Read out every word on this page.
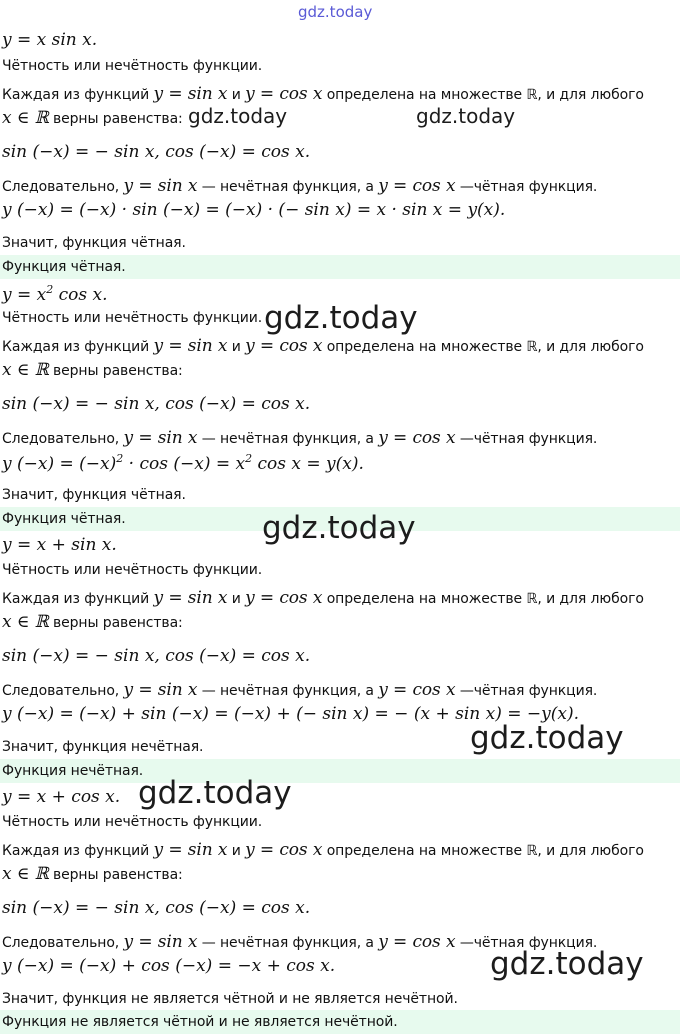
gdz.today
y = x sin x.
Чётность или нечётность функции.
Каждая из функций y = sin x и y = cos x определена на множестве ℝ, и для любого
x ∈ ℝ верны равенства: gdz.today	gdz.today
sin (−x) = − sin x, cos (−x) = cos x.
Следовательно, y = sin x — нечётная функция, а y = cos x —чётная функция.
y (−x) = (−x) · sin (−x) = (−x) · (− sin x) = x · sin x = y(x).
Значит, функция чётная.
Функция чётная.
$y = x^2$ cos x.
Чётность или нечётность функции. gdz.today
Каждая из функций y = sin x и y = cos x определена на множестве ℝ, и для любого
x ∈ ℝ верны равенства:
sin (−x) = − sin x, cos (−x) = cos x.
Следовательно, y = sin x — нечётная функция, а y = cos x —чётная функция.
y $(-x) = (-x)^2 \cdot \cos (-x) = x^2$ cos x = y(x).
Значит, функция чётная.
Функция чётная.	gdz.today
y = x + sin x.
Чётность или нечётность функции.
Каждая из функций y = sin x и y = cos x определена на множестве ℝ, и для любого
x ∈ ℝ верны равенства:
sin (−x) = − sin x, cos (−x) = cos x.
Следовательно, y = sin x — нечётная функция, а y = cos x —чётная функция.
y (−x) = (−x) + sin (−x) = (−x) + (− sin x) = − (x + sin x) = −y(x).
gdz.today
Значит, функция нечётная.
Функция нечётная.
y = x + cos x. gdz.today
Чётность или нечётность функции.
Каждая из функций y = sin x и y = cos x определена на множестве ℝ, и для любого
x ∈ ℝ верны равенства:
sin (−x) = − sin x, cos (−x) = cos x.
Следовательно, y = sin x — нечётная функция, а y = cos x —чётная функция.
y (−x) = (−x) + cos (−x) = −x + cos x.	gdz.today
Значит, функция не является чётной и не является нечётной.
Функция не является чётной и не является нечётной.
